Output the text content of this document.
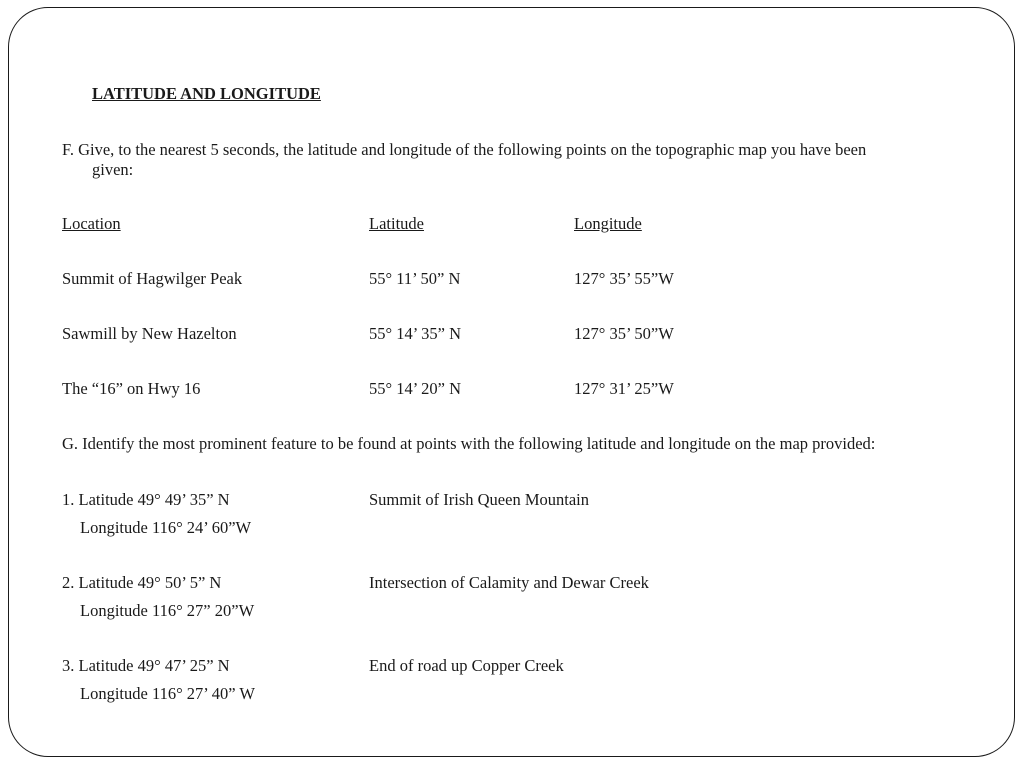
LATITUDE AND LONGITUDE

F. Give, to the nearest 5 seconds, the latitude and longitude of the following points on the topographic map you have been

given:

Location	Latitude	Longitude

Summit of Hagwilger Peak	55° 11’ 50” N	127° 35’ 55”W

Sawmill by New Hazelton	55° 14’ 35” N	127° 35’ 50”W

The “16” on Hwy 16	55° 14’ 20” N	127° 31’ 25”W

G. Identify the most prominent feature to be found at points with the following latitude and longitude on the map provided:

1. Latitude 49° 49’ 35” N	Summit of Irish Queen Mountain

Longitude 116° 24’ 60”W

2. Latitude 49° 50’ 5” N	Intersection of Calamity and Dewar Creek

Longitude 116° 27” 20”W

3. Latitude 49° 47’ 25” N	End of road up Copper Creek

Longitude 116° 27’ 40” W
